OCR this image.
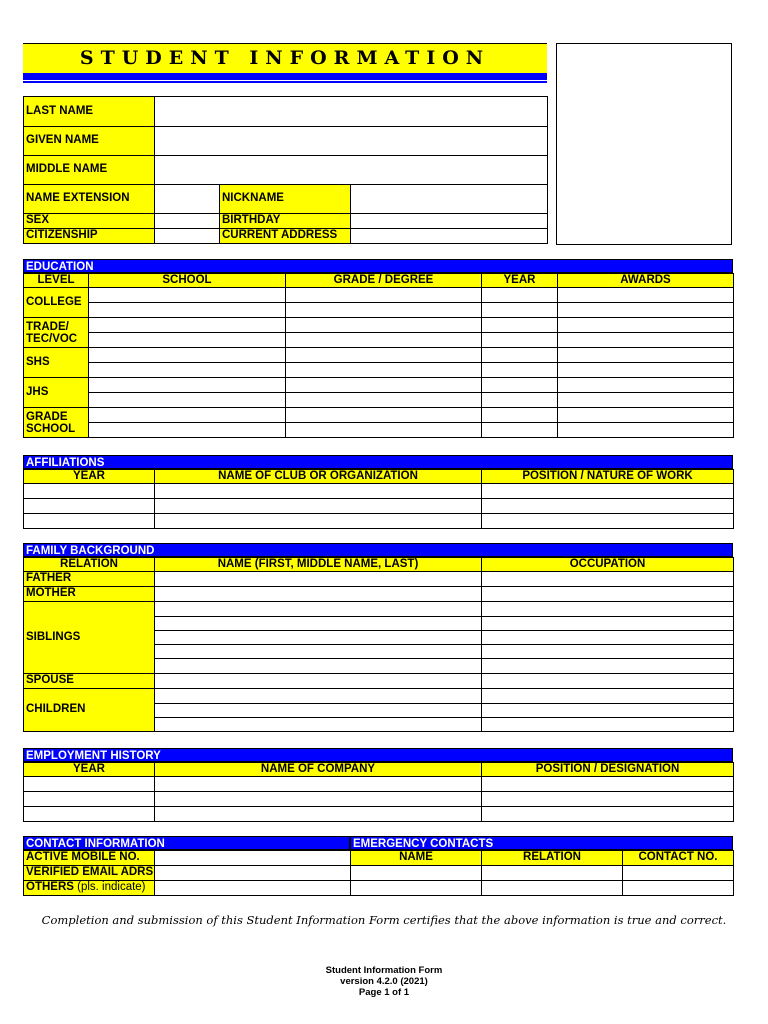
STUDENT INFORMATION
LAST NAME			
GIVEN NAME			
MIDDLE NAME			
NAME EXTENSION		NICKNAME	
SEX		BIRTHDAY	
CITIZENSHIP		CURRENT ADDRESS	
EDUCATION
LEVEL	SCHOOL	GRADE / DEGREE	YEAR	AWARDS
COLLEGE				

TRADE/
TEC/VOC				

SHS				

JHS				

GRADE
SCHOOL				

AFFILIATIONS
YEAR	NAME OF CLUB OR ORGANIZATION	POSITION / NATURE OF WORK

FAMILY BACKGROUND
RELATION	NAME (FIRST, MIDDLE NAME, LAST)	OCCUPATION
FATHER		
MOTHER		
SIBLINGS		

SPOUSE		
CHILDREN		

EMPLOYMENT HISTORY
YEAR	NAME OF COMPANY	POSITION / DESIGNATION

CONTACT INFORMATION
ACTIVE MOBILE NO.	
VERIFIED EMAIL ADRS	
OTHERS (pls. indicate)	
EMERGENCY CONTACTS
NAME	RELATION	CONTACT NO.

Completion and submission of this Student Information Form certifies that the above information is true and correct.
Student Information Form
version 4.2.0 (2021)
Page 1 of 1
